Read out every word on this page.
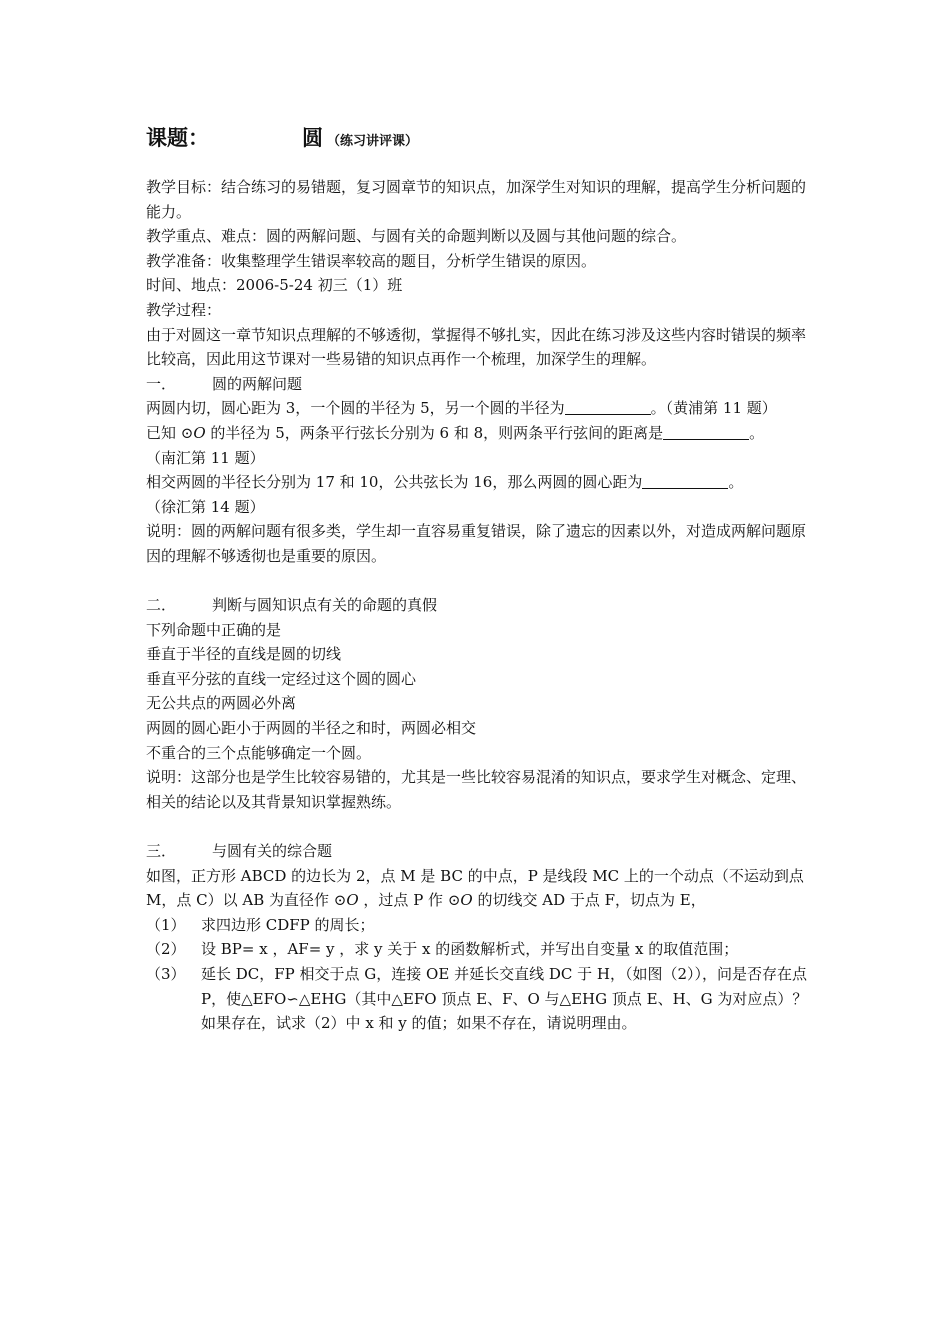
课题：	圆 （练习讲评课）

教学目标：结合练习的易错题，复习圆章节的知识点，加深学生对知识的理解，提高学生分析问题的能力。

教学重点、难点：圆的两解问题、与圆有关的命题判断以及圆与其他问题的综合。

教学准备：收集整理学生错误率较高的题目，分析学生错误的原因。

时间、地点：2006-5-24 初三（1）班

教学过程：

由于对圆这一章节知识点理解的不够透彻，掌握得不够扎实，因此在练习涉及这些内容时错误的频率比较高，因此用这节课对一些易错的知识点再作一个梳理，加深学生的理解。

一． 圆的两解问题

两圆内切，圆心距为 3，一个圆的半径为 5，另一个圆的半径为	。（黄浦第 11 题）

已知 ⊙O 的半径为 5，两条平行弦长分别为 6 和 8，则两条平行弦间的距离是	。

（南汇第 11 题）

相交两圆的半径长分别为 17 和 10，公共弦长为 16，那么两圆的圆心距为	。

（徐汇第 14 题）

说明：圆的两解问题有很多类，学生却一直容易重复错误，除了遗忘的因素以外，对造成两解问题原因的理解不够透彻也是重要的原因。

二． 判断与圆知识点有关的命题的真假

下列命题中正确的是

垂直于半径的直线是圆的切线

垂直平分弦的直线一定经过这个圆的圆心

无公共点的两圆必外离

两圆的圆心距小于两圆的半径之和时，两圆必相交

不重合的三个点能够确定一个圆。

说明：这部分也是学生比较容易错的，尤其是一些比较容易混淆的知识点，要求学生对概念、定理、相关的结论以及其背景知识掌握熟练。

三． 与圆有关的综合题

如图，正方形 ABCD 的边长为 2，点 M 是 BC 的中点，P 是线段 MC 上的一个动点（不运动到点 M，点 C）以 AB 为直径作 ⊙O ，过点 P 作 ⊙O 的切线交 AD 于点 F，切点为 E，

（1）	求四边形 CDFP 的周长；
（2）	设 BP= x ，AF= y ，求 y 关于 x 的函数解析式，并写出自变量 x 的取值范围；
（3）	延长 DC，FP 相交于点 G，连接 OE 并延长交直线 DC 于 H，（如图（2）），问是否存在点 P，使△EFO∽△EHG（其中△EFO 顶点 E、F、O 与△EHG 顶点 E、H、G 为对应点）？如果存在，试求（2）中 x 和 y 的值；如果不存在，请说明理由。
